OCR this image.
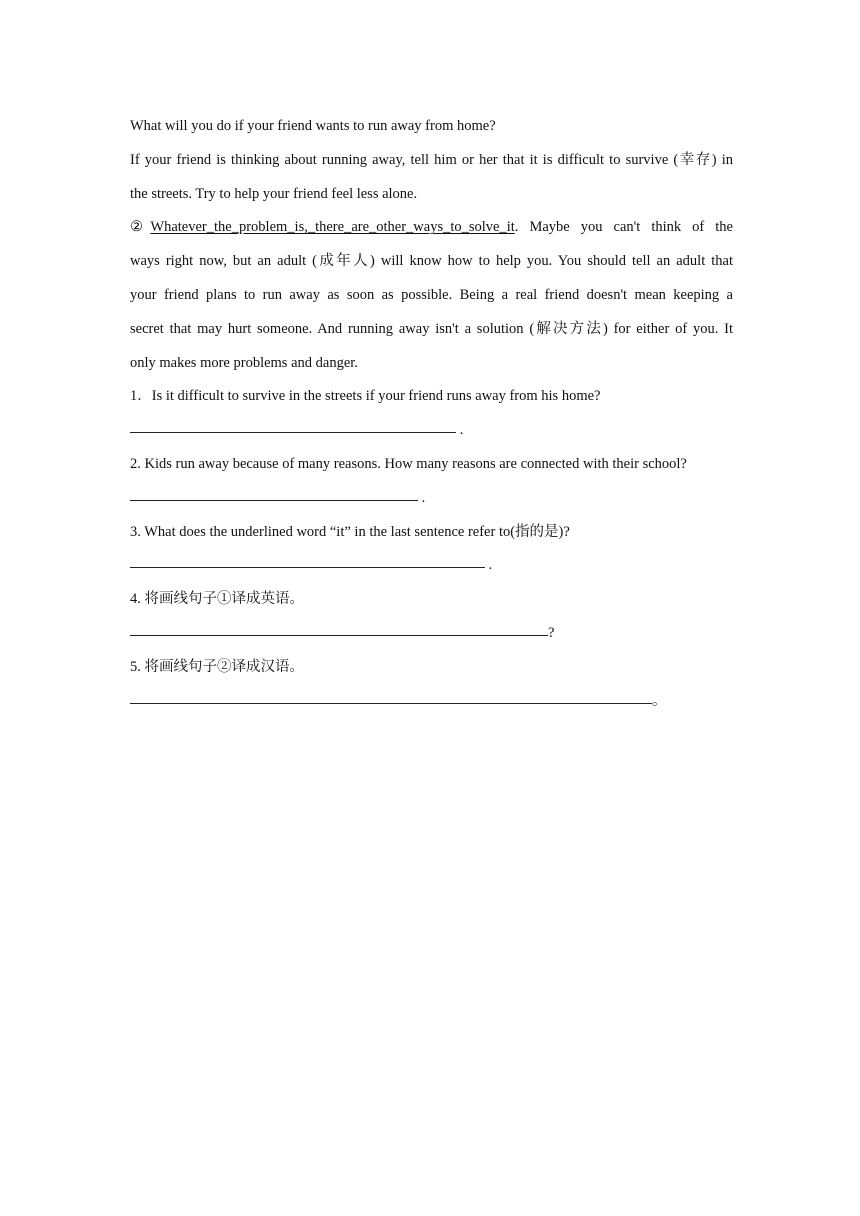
What will you do if your friend wants to run away from home?
If your friend is thinking about running away, tell him or her that it is difficult to survive (幸存) in
the streets. Try to help your friend feel less alone.
②Whatever_the_problem_is,_there_are_other_ways_to_solve_it. Maybe you can't think of the
ways right now, but an adult (成年人) will know how to help you. You should tell an adult that
your friend plans to run away as soon as possible. Being a real friend doesn't mean keeping a
secret that may hurt someone. And running away isn't a solution (解决方法) for either of you. It
only makes more problems and danger.
1．Is it difficult to survive in the streets if your friend runs away from his home?
.
2. Kids run away because of many reasons. How many reasons are connected with their school?
.
3. What does the underlined word “it” in the last sentence refer to(指的是)?
.
4. 将画线句子①译成英语。
?
5. 将画线句子②译成汉语。
。
